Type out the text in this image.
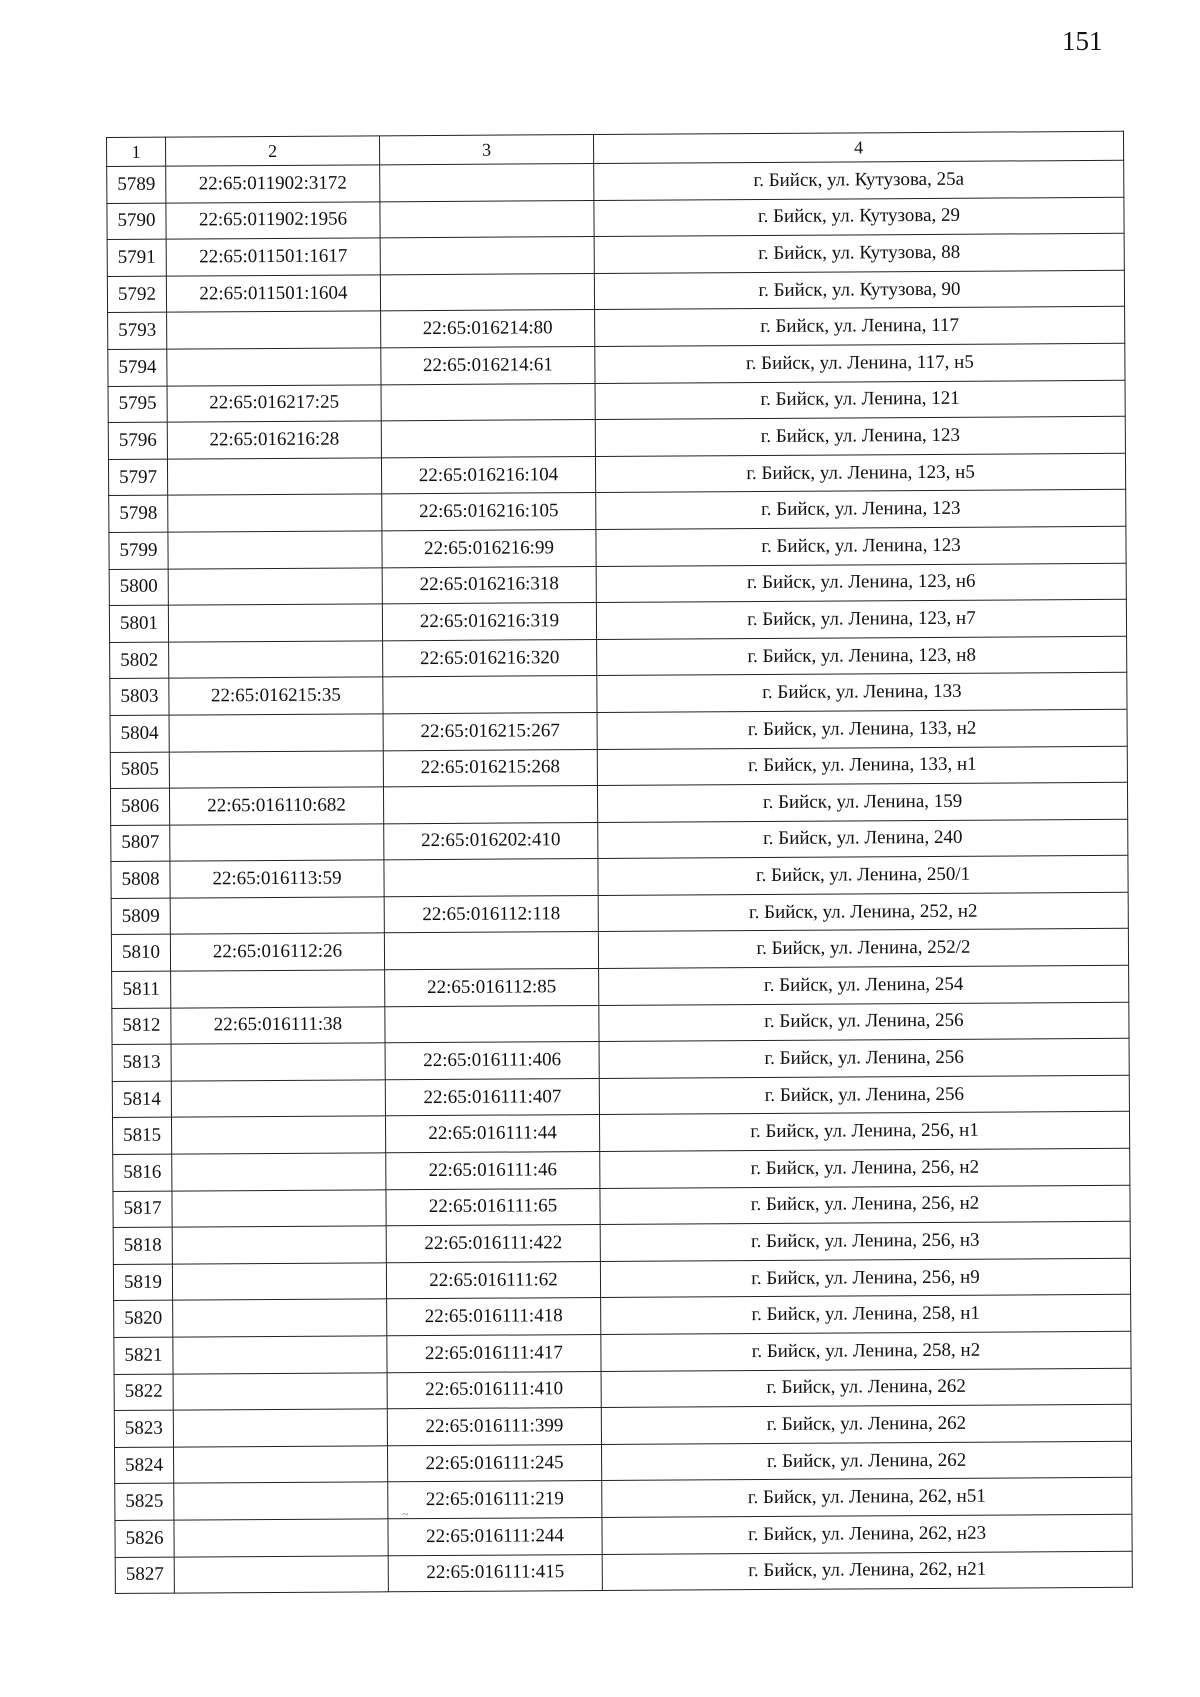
151
1	2	3	4
5789	22:65:011902:3172		г. Бийск, ул. Кутузова, 25а
5790	22:65:011902:1956		г. Бийск, ул. Кутузова, 29
5791	22:65:011501:1617		г. Бийск, ул. Кутузова, 88
5792	22:65:011501:1604		г. Бийск, ул. Кутузова, 90
5793		22:65:016214:80	г. Бийск, ул. Ленина, 117
5794		22:65:016214:61	г. Бийск, ул. Ленина, 117, н5
5795	22:65:016217:25		г. Бийск, ул. Ленина, 121
5796	22:65:016216:28		г. Бийск, ул. Ленина, 123
5797		22:65:016216:104	г. Бийск, ул. Ленина, 123, н5
5798		22:65:016216:105	г. Бийск, ул. Ленина, 123
5799		22:65:016216:99	г. Бийск, ул. Ленина, 123
5800		22:65:016216:318	г. Бийск, ул. Ленина, 123, н6
5801		22:65:016216:319	г. Бийск, ул. Ленина, 123, н7
5802		22:65:016216:320	г. Бийск, ул. Ленина, 123, н8
5803	22:65:016215:35		г. Бийск, ул. Ленина, 133
5804		22:65:016215:267	г. Бийск, ул. Ленина, 133, н2
5805		22:65:016215:268	г. Бийск, ул. Ленина, 133, н1
5806	22:65:016110:682		г. Бийск, ул. Ленина, 159
5807		22:65:016202:410	г. Бийск, ул. Ленина, 240
5808	22:65:016113:59		г. Бийск, ул. Ленина, 250/1
5809		22:65:016112:118	г. Бийск, ул. Ленина, 252, н2
5810	22:65:016112:26		г. Бийск, ул. Ленина, 252/2
5811		22:65:016112:85	г. Бийск, ул. Ленина, 254
5812	22:65:016111:38		г. Бийск, ул. Ленина, 256
5813		22:65:016111:406	г. Бийск, ул. Ленина, 256
5814		22:65:016111:407	г. Бийск, ул. Ленина, 256
5815		22:65:016111:44	г. Бийск, ул. Ленина, 256, н1
5816		22:65:016111:46	г. Бийск, ул. Ленина, 256, н2
5817		22:65:016111:65	г. Бийск, ул. Ленина, 256, н2
5818		22:65:016111:422	г. Бийск, ул. Ленина, 256, н3
5819		22:65:016111:62	г. Бийск, ул. Ленина, 256, н9
5820		22:65:016111:418	г. Бийск, ул. Ленина, 258, н1
5821		22:65:016111:417	г. Бийск, ул. Ленина, 258, н2
5822		22:65:016111:410	г. Бийск, ул. Ленина, 262
5823		22:65:016111:399	г. Бийск, ул. Ленина, 262
5824		22:65:016111:245	г. Бийск, ул. Ленина, 262
5825		22:65:016111:219	г. Бийск, ул. Ленина, 262, н51
5826		22:65:016111:244	г. Бийск, ул. Ленина, 262, н23
5827		22:65:016111:415	г. Бийск, ул. Ленина, 262, н21
~
